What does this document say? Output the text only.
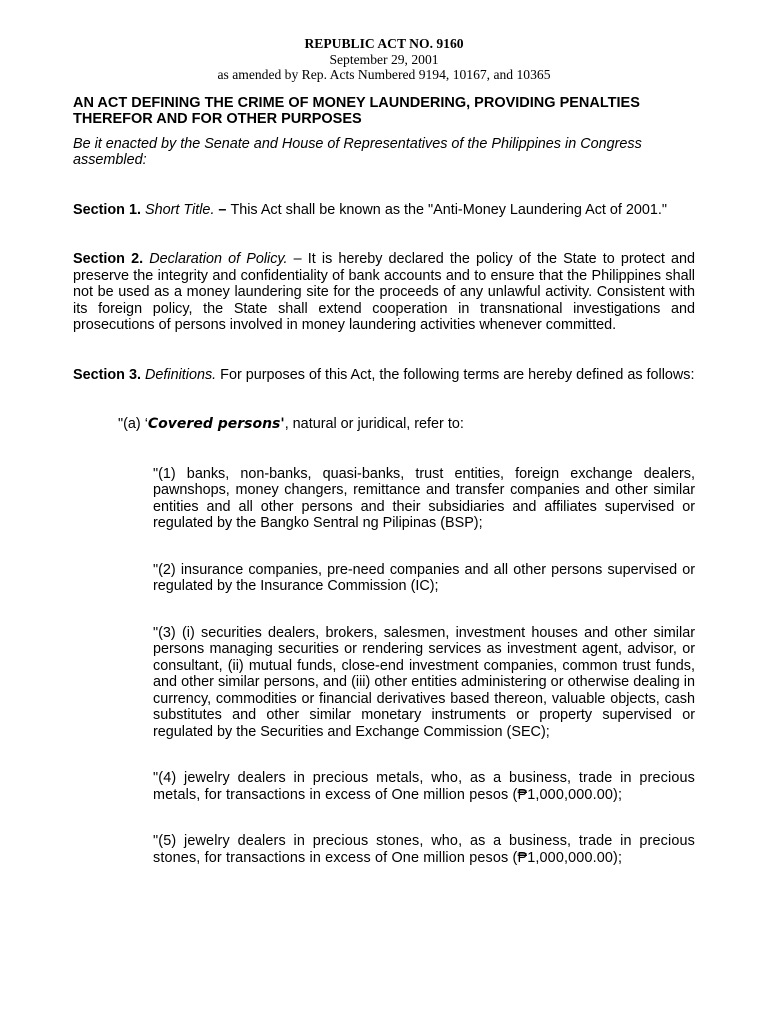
REPUBLIC ACT NO. 9160
September 29, 2001
as amended by Rep. Acts Numbered 9194, 10167, and 10365
AN ACT DEFINING THE CRIME OF MONEY LAUNDERING, PROVIDING PENALTIES THEREFOR AND FOR OTHER PURPOSES
Be it enacted by the Senate and House of Representatives of the Philippines in Congress assembled:
Section 1. Short Title. – This Act shall be known as the "Anti-Money Laundering Act of 2001."
Section 2. Declaration of Policy. – It is hereby declared the policy of the State to protect and preserve the integrity and confidentiality of bank accounts and to ensure that the Philippines shall not be used as a money laundering site for the proceeds of any unlawful activity. Consistent with its foreign policy, the State shall extend cooperation in transnational investigations and prosecutions of persons involved in money laundering activities whenever committed.
Section 3. Definitions. For purposes of this Act, the following terms are hereby defined as follows:
"(a) ‘Covered persons', natural or juridical, refer to:
"(1) banks, non-banks, quasi-banks, trust entities, foreign exchange dealers, pawnshops, money changers, remittance and transfer companies and other similar entities and all other persons and their subsidiaries and affiliates supervised or regulated by the Bangko Sentral ng Pilipinas (BSP);
"(2) insurance companies, pre-need companies and all other persons supervised or regulated by the Insurance Commission (IC);
"(3) (i) securities dealers, brokers, salesmen, investment houses and other similar persons managing securities or rendering services as investment agent, advisor, or consultant, (ii) mutual funds, close-end investment companies, common trust funds, and other similar persons, and (iii) other entities administering or otherwise dealing in currency, commodities or financial derivatives based thereon, valuable objects, cash substitutes and other similar monetary instruments or property supervised or regulated by the Securities and Exchange Commission (SEC);
"(4) jewelry dealers in precious metals, who, as a business, trade in precious metals, for transactions in excess of One million pesos (₱1,000,000.00);
"(5) jewelry dealers in precious stones, who, as a business, trade in precious stones, for transactions in excess of One million pesos (₱1,000,000.00);
